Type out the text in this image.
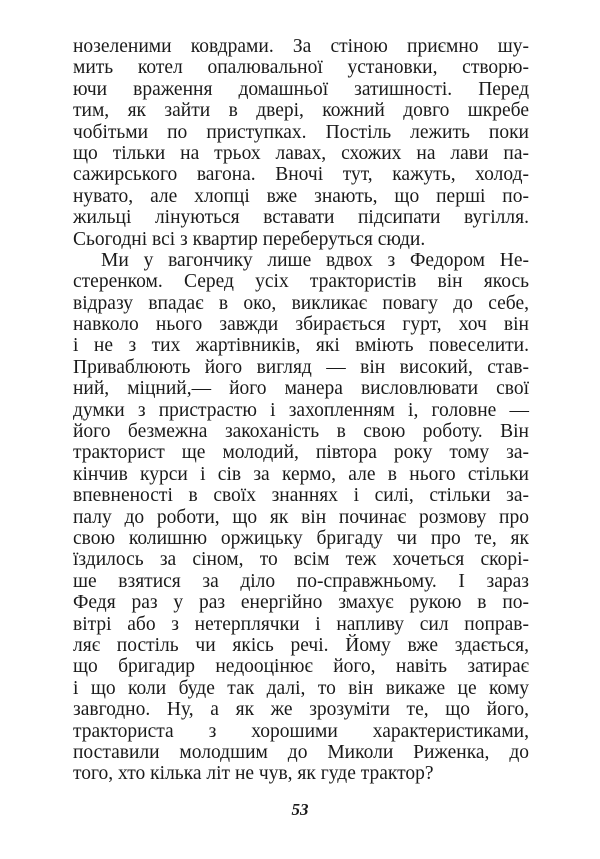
нозеленими ковдрами. За стіною приємно шу-
мить котел опалювальної установки, створю-
ючи враження домашньої затишності. Перед
тим, як зайти в двері, кожний довго шкребе
чобітьми по приступках. Постіль лежить поки
що тільки на трьох лавах, схожих на лави па-
сажирського вагона. Вночі тут, кажуть, холод-
нувато, але хлопці вже знають, що перші по-
жильці лінуються вставати підсипати вугілля.
Сьогодні всі з квартир переберуться сюди.
Ми у вагончику лише вдвох з Федором Не-
стеренком. Серед усіх трактористів він якось
відразу впадає в око, викликає повагу до себе,
навколо нього завжди збирається гурт, хоч він
і не з тих жартівників, які вміють повеселити.
Приваблюють його вигляд — він високий, став-
ний, міцний,— його манера висловлювати свої
думки з пристрастю і захопленням і, головне —
його безмежна закоханість в свою роботу. Він
тракторист ще молодий, півтора року тому за-
кінчив курси і сів за кермо, але в нього стільки
впевненості в своїх знаннях і силі, стільки за-
палу до роботи, що як він починає розмову про
свою колишню оржицьку бригаду чи про те, як
їздилось за сіном, то всім теж хочеться скорі-
ше взятися за діло по-справжньому. І зараз
Федя раз у раз енергійно змахує рукою в по-
вітрі або з нетерплячки і напливу сил поправ-
ляє постіль чи якісь речі. Йому вже здається,
що бригадир недооцінює його, навіть затирає
і що коли буде так далі, то він викаже це кому
завгодно. Ну, а як же зрозуміти те, що його,
тракториста з хорошими характеристиками,
поставили молодшим до Миколи Риженка, до
того, хто кілька літ не чув, як гуде трактор?
53
